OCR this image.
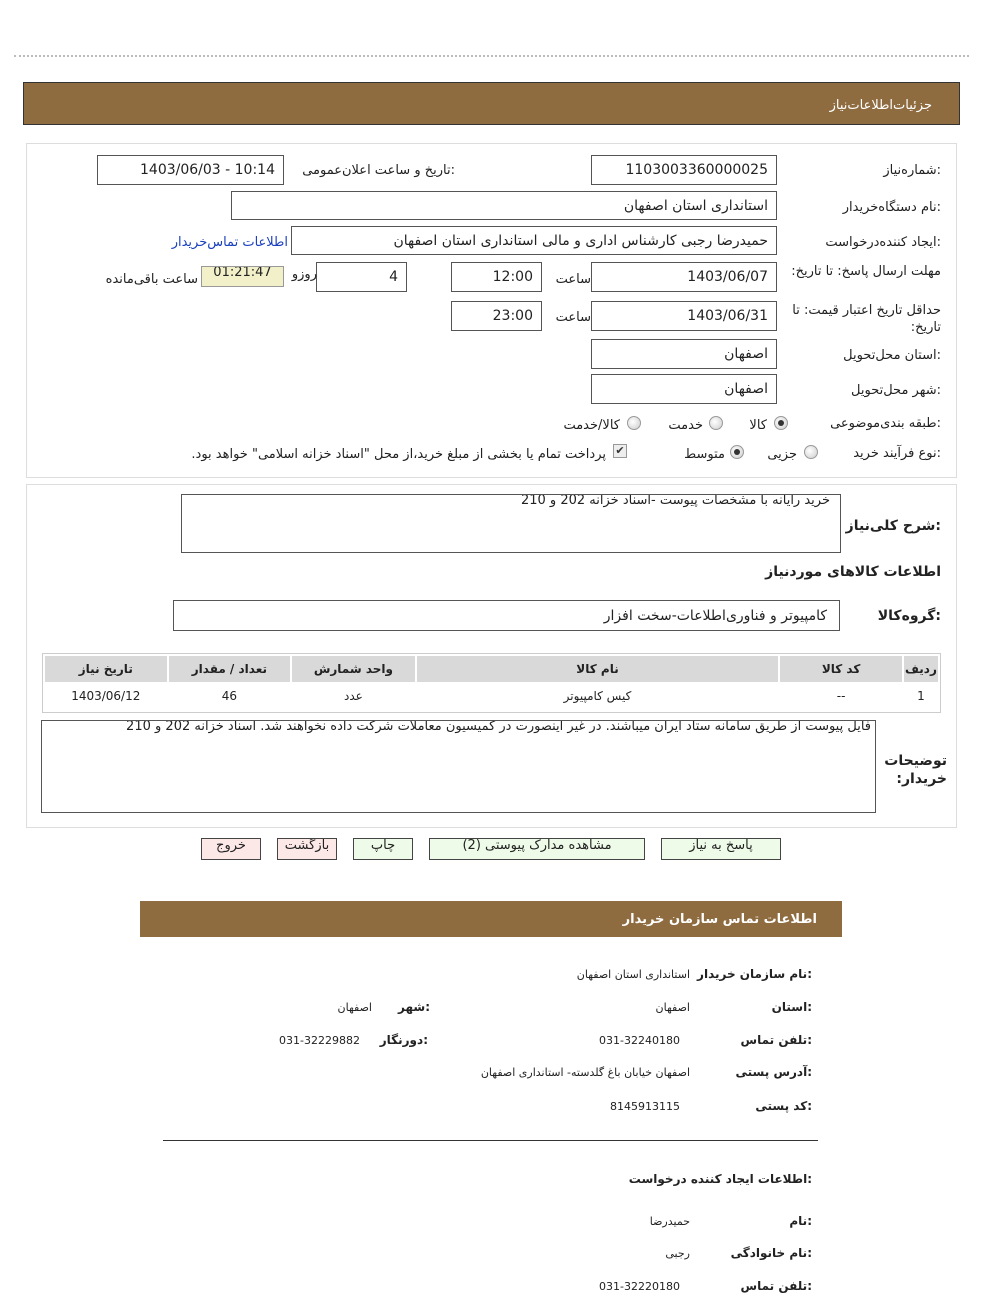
جزئیات‌اطلاعات‌نیاز
شماره‌نیاز:
1103003360000025
تاریخ و ساعت اعلان‌عمومی:
1403/06/03 - 10:14
نام دستگاه‌خریدار:
استانداری استان اصفهان
ایجاد کننده‌درخواست:
حمیدرضا رجبی کارشناس اداری و مالی استانداری استان اصفهان
اطلاعات تماس‌خریدار
مهلت ارسال پاسخ: تا تاریخ:
1403/06/07
ساعت
12:00
4
روزو
01:21:47
ساعت باقی‌مانده
حداقل تاریخ اعتبار قیمت: تا تاریخ:
1403/06/31
ساعت
23:00
استان محل‌تحویل:
اصفهان
شهر محل‌تحویل:
اصفهان
طبقه بندی‌موضوعی:
کالا
خدمت
کالا/خدمت
نوع فرآیند خرید:
جزیی
متوسط
✔
پرداخت تمام یا بخشی از مبلغ خرید،از محل "اسناد خزانه اسلامی" خواهد بود.
شرح کلی‌نیاز:
خرید رایانه با مشخصات پیوست -اسناد خزانه 202 و 210
اطلاعات کالاهای موردنیاز
گروه‌کالا:
کامپیوتر و فناوری‌اطلاعات-سخت افزار
ردیف	کد کالا	نام کالا	واحد شمارش	تعداد / مقدار	تاریخ نیاز
1	--	کیس کامپیوتر	عدد	46	1403/06/12
توضیحات خریدار:
فایل پیوست از طریق سامانه ستاد ایران میباشند. در غیر اینصورت در کمیسیون معاملات شرکت داده نخواهند شد. اسناد خزانه 202 و 210
پاسخ به نیاز
مشاهده مدارک پیوستی (2)
چاپ
بازگشت
خروج
اطلاعات تماس سازمان خریدار
نام سازمان خریدار:
استانداری استان اصفهان
استان:
اصفهان
شهر:
اصفهان
تلفن تماس:
031-32240180
دورنگار:
031-32229882
آدرس پستی:
اصفهان خیابان باغ گلدسته- استانداری اصفهان
کد پستی:
8145913115
اطلاعات ایجاد کننده درخواست:
نام:
حمیدرضا
نام خانوادگی:
رجبی
تلفن تماس:
031-32220180
